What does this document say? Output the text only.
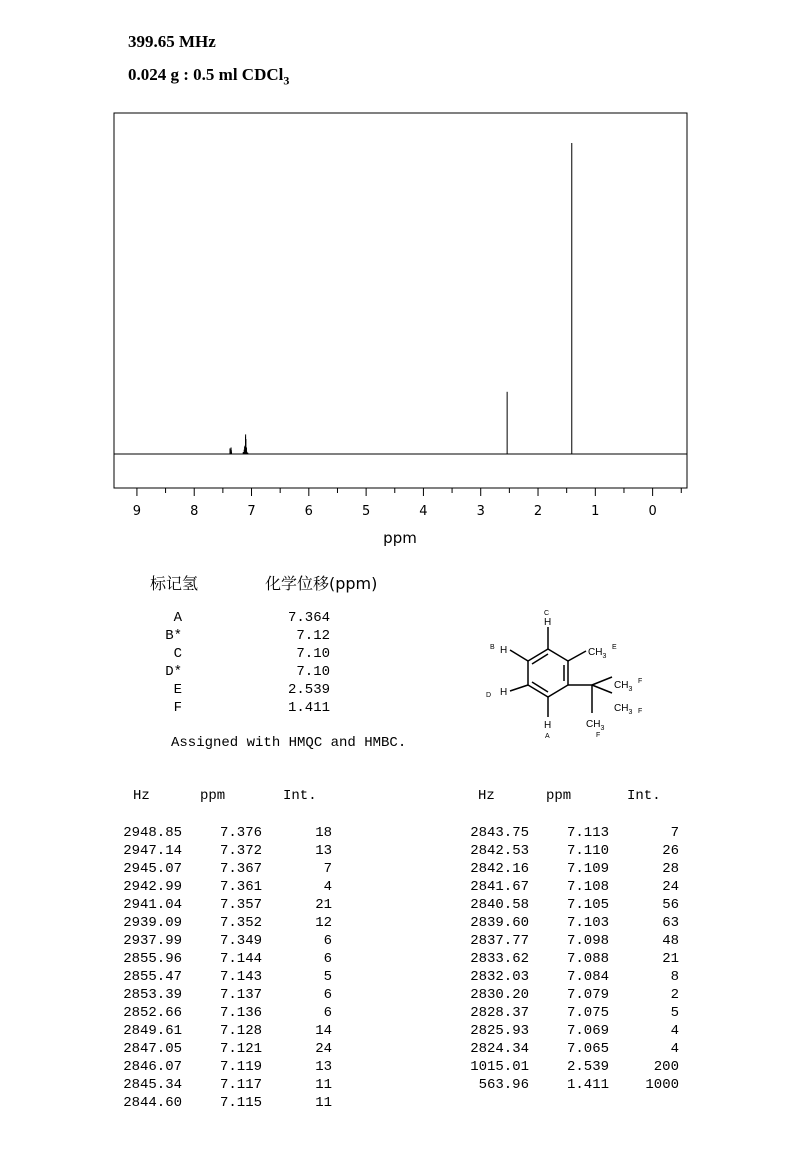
399.65 MHz
0.024 g : 0.5 ml CDCl$_3$
9	8	7	6	5	4	3	2	1	0
ppm
标记氢	化学位移(ppm)
A	7.364
B*	7.12
C	7.10
D*	7.10
E	2.539
F	1.411
Assigned with HMQC and HMBC.
H
C
H
B
H
D
H
A
$CH_3$
E
$CH_3$
F
$CH_3$ F
$CH_3$
F
Hz	ppm	Int.	Hz	ppm	Int.
2948.85	7.376	18
2947.14	7.372	13
2945.07	7.367	7
2942.99	7.361	4
2941.04	7.357	21
2939.09	7.352	12
2937.99	7.349	6
2855.96	7.144	6
2855.47	7.143	5
2853.39	7.137	6
2852.66	7.136	6
2849.61	7.128	14
2847.05	7.121	24
2846.07	7.119	13
2845.34	7.117	11
2844.60	7.115	11
2843.75	7.113	7
2842.53	7.110	26
2842.16	7.109	28
2841.67	7.108	24
2840.58	7.105	56
2839.60	7.103	63
2837.77	7.098	48
2833.62	7.088	21
2832.03	7.084	8
2830.20	7.079	2
2828.37	7.075	5
2825.93	7.069	4
2824.34	7.065	4
1015.01	2.539	200
563.96	1.411	1000
